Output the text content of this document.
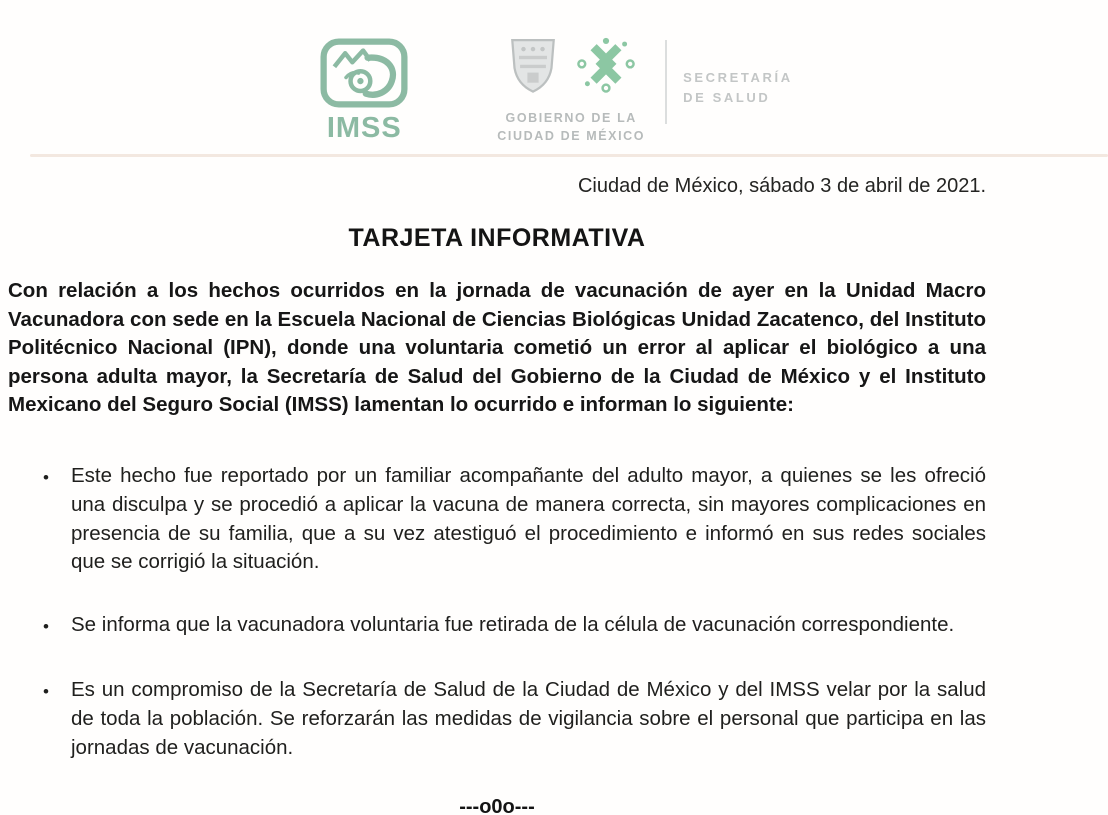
IMSS	GOBIERNO DE LA
CIUDAD DE MÉXICO
SECRETARÍA
DE SALUD
Ciudad de México, sábado 3 de abril de 2021.
TARJETA INFORMATIVA

Con relación a los hechos ocurridos en la jornada de vacunación de ayer en la Unidad Macro Vacunadora con sede en la Escuela Nacional de Ciencias Biológicas Unidad Zacatenco, del Instituto Politécnico Nacional (IPN), donde una voluntaria cometió un error al aplicar el biológico a una persona adulta mayor, la Secretaría de Salud del Gobierno de la Ciudad de México y el Instituto Mexicano del Seguro Social (IMSS) lamentan lo ocurrido e informan lo siguiente:

•	Este hecho fue reportado por un familiar acompañante del adulto mayor, a quienes se les ofreció una disculpa y se procedió a aplicar la vacuna de manera correcta, sin mayores complicaciones en presencia de su familia, que a su vez atestiguó el procedimiento e informó en sus redes sociales que se corrigió la situación.
•	Se informa que la vacunadora voluntaria fue retirada de la célula de vacunación correspondiente.
•	Es un compromiso de la Secretaría de Salud de la Ciudad de México y del IMSS velar por la salud de toda la población. Se reforzarán las medidas de vigilancia sobre el personal que participa en las jornadas de vacunación.
---o0o---
